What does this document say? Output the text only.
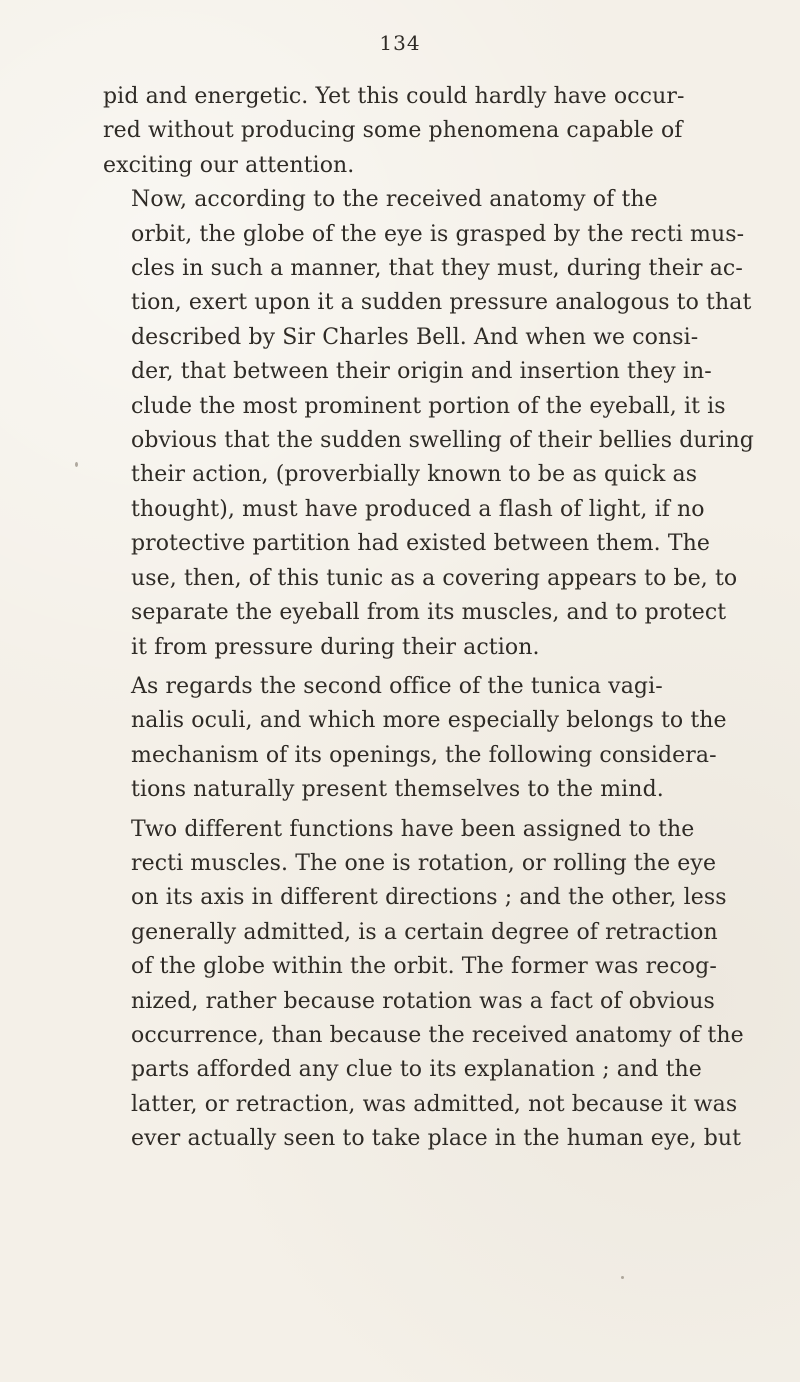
134

pid and energetic. Yet this could hardly have occur-
red without producing some phenomena capable of
exciting our attention.

Now, according to the received anatomy of the
orbit, the globe of the eye is grasped by the recti mus-
cles in such a manner, that they must, during their ac-
tion, exert upon it a sudden pressure analogous to that
described by Sir Charles Bell. And when we consi-
der, that between their origin and insertion they in-
clude the most prominent portion of the eyeball, it is
obvious that the sudden swelling of their bellies during
their action, (proverbially known to be as quick as
thought), must have produced a flash of light, if no
protective partition had existed between them. The
use, then, of this tunic as a covering appears to be, to
separate the eyeball from its muscles, and to protect
it from pressure during their action.

As regards the second office of the tunica vagi-
nalis oculi, and which more especially belongs to the
mechanism of its openings, the following considera-
tions naturally present themselves to the mind.

Two different functions have been assigned to the
recti muscles. The one is rotation, or rolling the eye
on its axis in different directions ; and the other, less
generally admitted, is a certain degree of retraction
of the globe within the orbit. The former was recog-
nized, rather because rotation was a fact of obvious
occurrence, than because the received anatomy of the
parts afforded any clue to its explanation ; and the
latter, or retraction, was admitted, not because it was
ever actually seen to take place in the human eye, but
